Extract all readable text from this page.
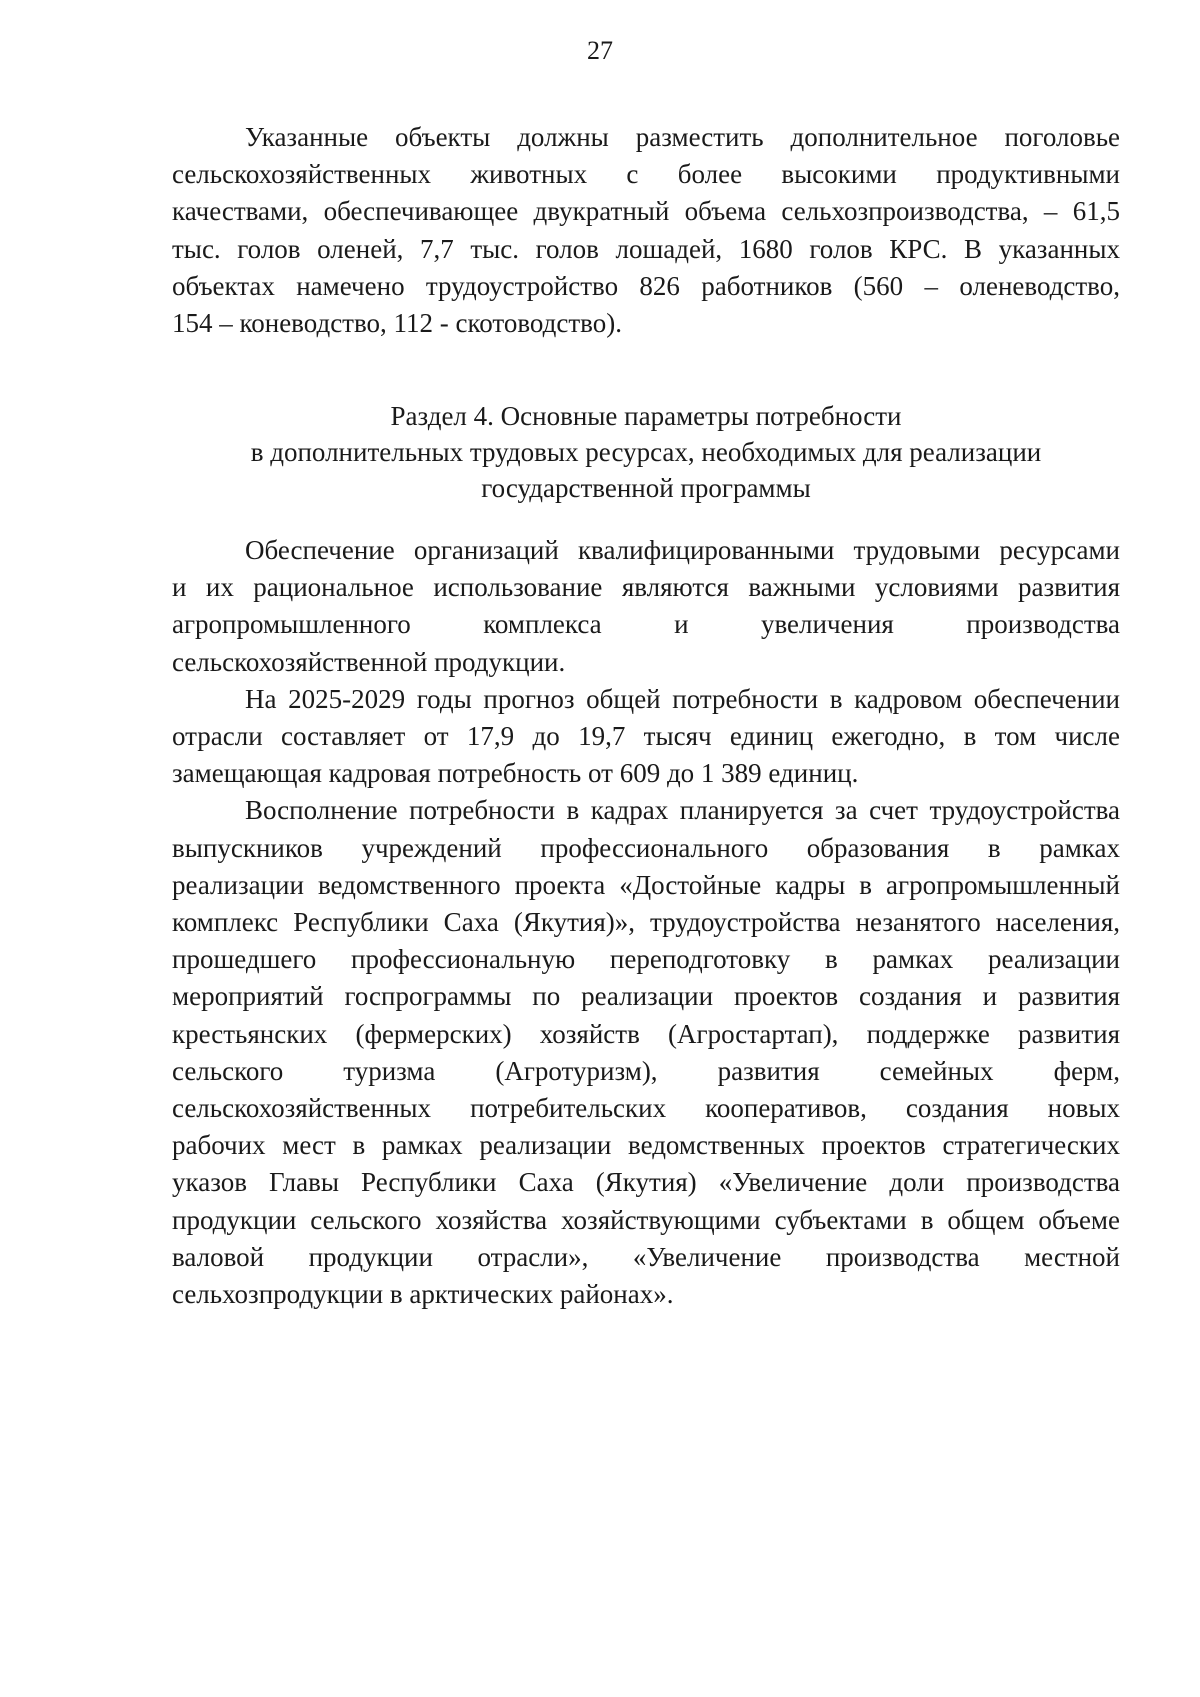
27
Указанные объекты должны разместить дополнительное поголовье
сельскохозяйственных животных с более высокими продуктивными
качествами, обеспечивающее двукратный объема сельхозпроизводства, – 61,5
тыс. голов оленей, 7,7 тыс. голов лошадей, 1680 голов КРС. В указанных
объектах намечено трудоустройство 826 работников (560 – оленеводство,
154 – коневодство, 112 - скотоводство).
Раздел 4. Основные параметры потребности
в дополнительных трудовых ресурсах, необходимых для реализации
государственной программы
Обеспечение организаций квалифицированными трудовыми ресурсами
и их рациональное использование являются важными условиями развития
агропромышленного комплекса и увеличения производства
сельскохозяйственной продукции.
На 2025-2029 годы прогноз общей потребности в кадровом обеспечении
отрасли составляет от 17,9 до 19,7 тысяч единиц ежегодно, в том числе
замещающая кадровая потребность от 609 до 1 389 единиц.
Восполнение потребности в кадрах планируется за счет трудоустройства
выпускников учреждений профессионального образования в рамках
реализации ведомственного проекта «Достойные кадры в агропромышленный
комплекс Республики Саха (Якутия)», трудоустройства незанятого населения,
прошедшего профессиональную переподготовку в рамках реализации
мероприятий госпрограммы по реализации проектов создания и развития
крестьянских (фермерских) хозяйств (Агростартап), поддержке развития
сельского туризма (Агротуризм), развития семейных ферм,
сельскохозяйственных потребительских кооперативов, создания новых
рабочих мест в рамках реализации ведомственных проектов стратегических
указов Главы Республики Саха (Якутия) «Увеличение доли производства
продукции сельского хозяйства хозяйствующими субъектами в общем объеме
валовой продукции отрасли», «Увеличение производства местной
сельхозпродукции в арктических районах».
